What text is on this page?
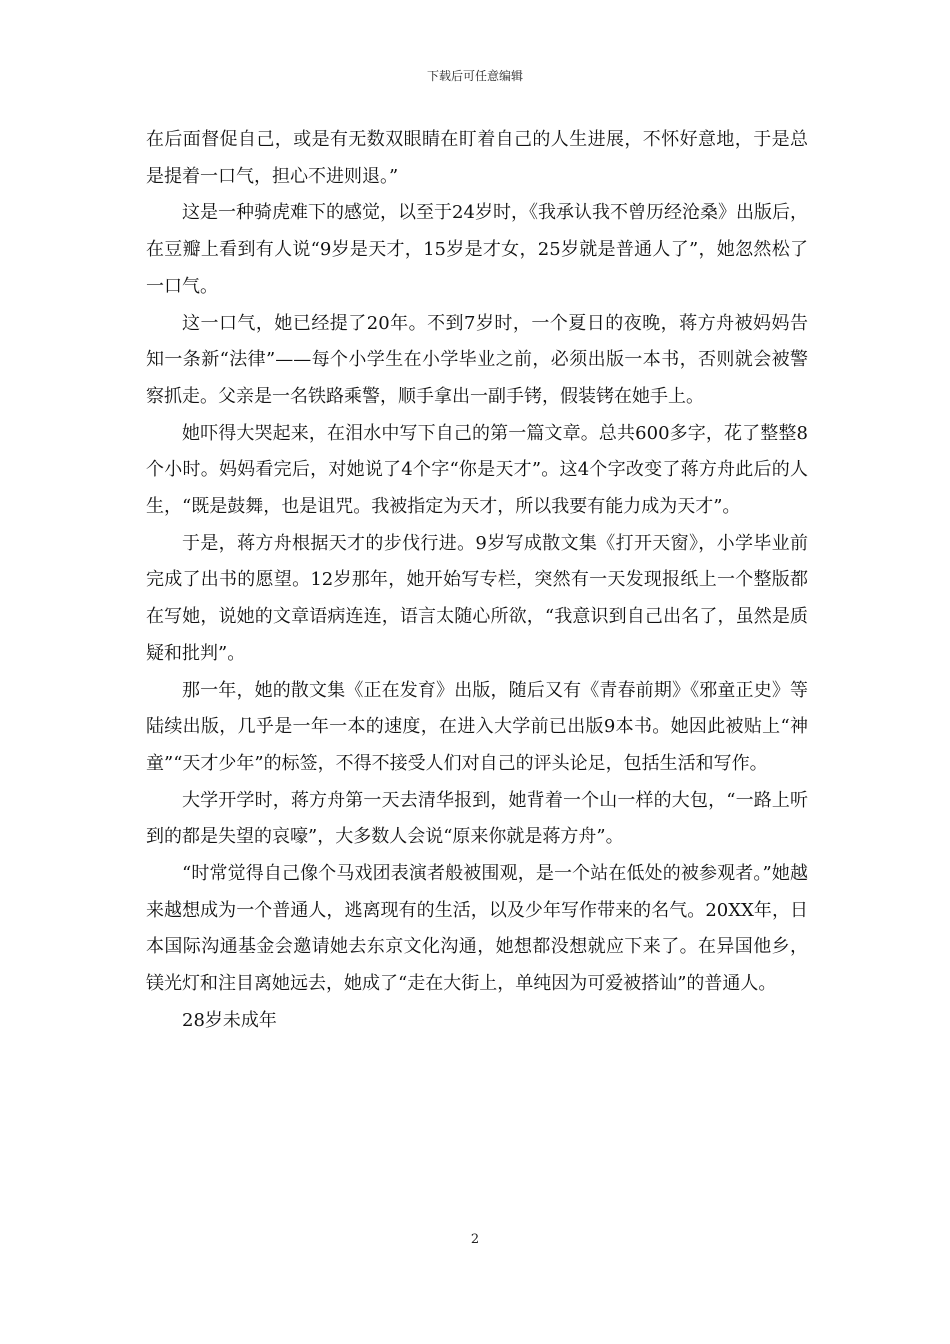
下载后可任意编辑

在后面督促自己，或是有无数双眼睛在盯着自己的人生进展，不怀好意地，于是总是提着一口气，担心不进则退。”

这是一种骑虎难下的感觉，以至于24岁时，《我承认我不曾历经沧桑》出版后，在豆瓣上看到有人说“9岁是天才，15岁是才女，25岁就是普通人了”，她忽然松了一口气。

这一口气，她已经提了20年。不到7岁时，一个夏日的夜晚，蒋方舟被妈妈告知一条新“法律”——每个小学生在小学毕业之前，必须出版一本书，否则就会被警察抓走。父亲是一名铁路乘警，顺手拿出一副手铐，假装铐在她手上。

她吓得大哭起来，在泪水中写下自己的第一篇文章。总共600多字，花了整整8个小时。妈妈看完后，对她说了4个字“你是天才”。这4个字改变了蒋方舟此后的人生，“既是鼓舞，也是诅咒。我被指定为天才，所以我要有能力成为天才”。

于是，蒋方舟根据天才的步伐行进。9岁写成散文集《打开天窗》，小学毕业前完成了出书的愿望。12岁那年，她开始写专栏，突然有一天发现报纸上一个整版都在写她，说她的文章语病连连，语言太随心所欲，“我意识到自己出名了，虽然是质疑和批判”。

那一年，她的散文集《正在发育》出版，随后又有《青春前期》《邪童正史》等陆续出版，几乎是一年一本的速度，在进入大学前已出版9本书。她因此被贴上“神童”“天才少年”的标签，不得不接受人们对自己的评头论足，包括生活和写作。

大学开学时，蒋方舟第一天去清华报到，她背着一个山一样的大包，“一路上听到的都是失望的哀嚎”，大多数人会说“原来你就是蒋方舟”。

“时常觉得自己像个马戏团表演者般被围观，是一个站在低处的被参观者。”她越来越想成为一个普通人，逃离现有的生活，以及少年写作带来的名气。20XX年，日本国际沟通基金会邀请她去东京文化沟通，她想都没想就应下来了。在异国他乡，镁光灯和注目离她远去，她成了“走在大街上，单纯因为可爱被搭讪”的普通人。

28岁未成年

2
